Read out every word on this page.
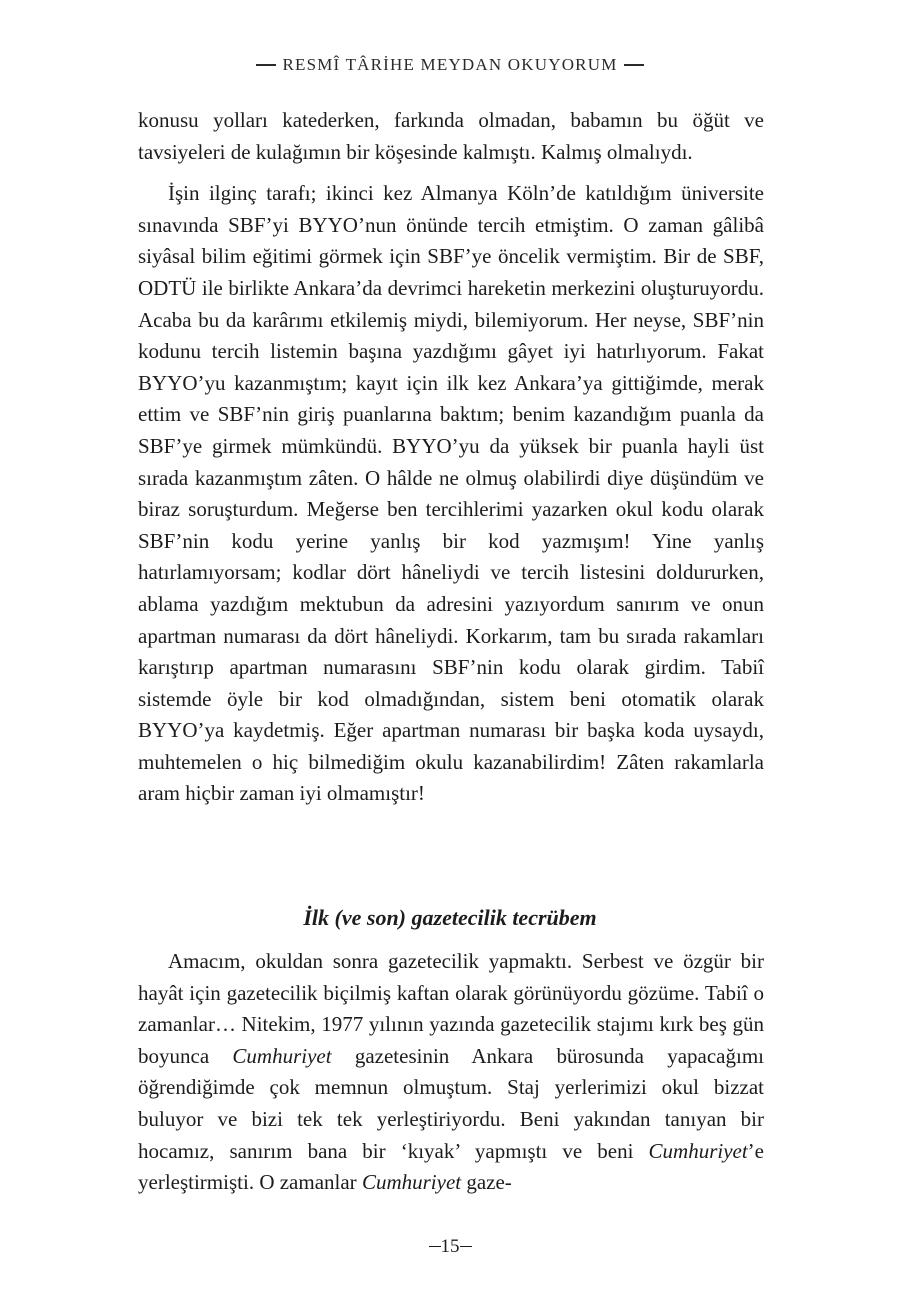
RESMÎ TÂRİHE MEYDAN OKUYORUM

konusu yolları katederken, farkında olmadan, babamın bu öğüt ve tavsiyeleri de kulağımın bir köşesinde kalmıştı. Kalmış olmalıydı.

İşin ilginç tarafı; ikinci kez Almanya Köln’de katıldığım üniversite sınavında SBF’yi BYYO’nun önünde tercih etmiştim. O zaman gâlibâ siyâsal bilim eğitimi görmek için SBF’ye öncelik vermiştim. Bir de SBF, ODTÜ ile birlikte Ankara’da devrimci hareketin merkezini oluşturuyordu. Acaba bu da karârımı etkilemiş miydi, bilemiyorum. Her neyse, SBF’nin kodunu tercih listemin başına yazdığımı gâyet iyi hatırlıyorum. Fakat BYYO’yu kazanmıştım; kayıt için ilk kez Ankara’ya gittiğimde, merak ettim ve SBF’nin giriş puanlarına baktım; benim kazandığım puanla da SBF’ye girmek mümkündü. BYYO’yu da yüksek bir puanla hayli üst sırada kazanmıştım zâten. O hâlde ne olmuş olabilirdi diye düşündüm ve biraz soruşturdum. Meğerse ben tercihlerimi yazarken okul kodu olarak SBF’nin kodu yerine yanlış bir kod yazmışım! Yine yanlış hatırlamıyorsam; kodlar dört hâneliydi ve tercih listesini doldururken, ablama yazdığım mektubun da adresini yazıyordum sanırım ve onun apartman numarası da dört hâneliydi. Korkarım, tam bu sırada rakamları karıştırıp apartman numarasını SBF’nin kodu olarak girdim. Tabiî sistemde öyle bir kod olmadığından, sistem beni otomatik olarak BYYO’ya kaydetmiş. Eğer apartman numarası bir başka koda uysaydı, muhtemelen o hiç bilmediğim okulu kazanabilirdim! Zâten rakamlarla aram hiçbir zaman iyi olmamıştır!

İlk (ve son) gazetecilik tecrübem

Amacım, okuldan sonra gazetecilik yapmaktı. Serbest ve özgür bir hayât için gazetecilik biçilmiş kaftan olarak görünüyordu gözüme. Tabiî o zamanlar… Nitekim, 1977 yılının yazında gazetecilik stajımı kırk beş gün boyunca Cumhuriyet gazetesinin Ankara bürosunda yapacağımı öğrendiğimde çok memnun olmuştum. Staj yerlerimizi okul bizzat buluyor ve bizi tek tek yerleştiriyordu. Beni yakından tanıyan bir hocamız, sanırım bana bir ‘kıyak’ yapmıştı ve beni Cumhuriyet’e yerleştirmişti. O zamanlar Cumhuriyet gaze-

15
